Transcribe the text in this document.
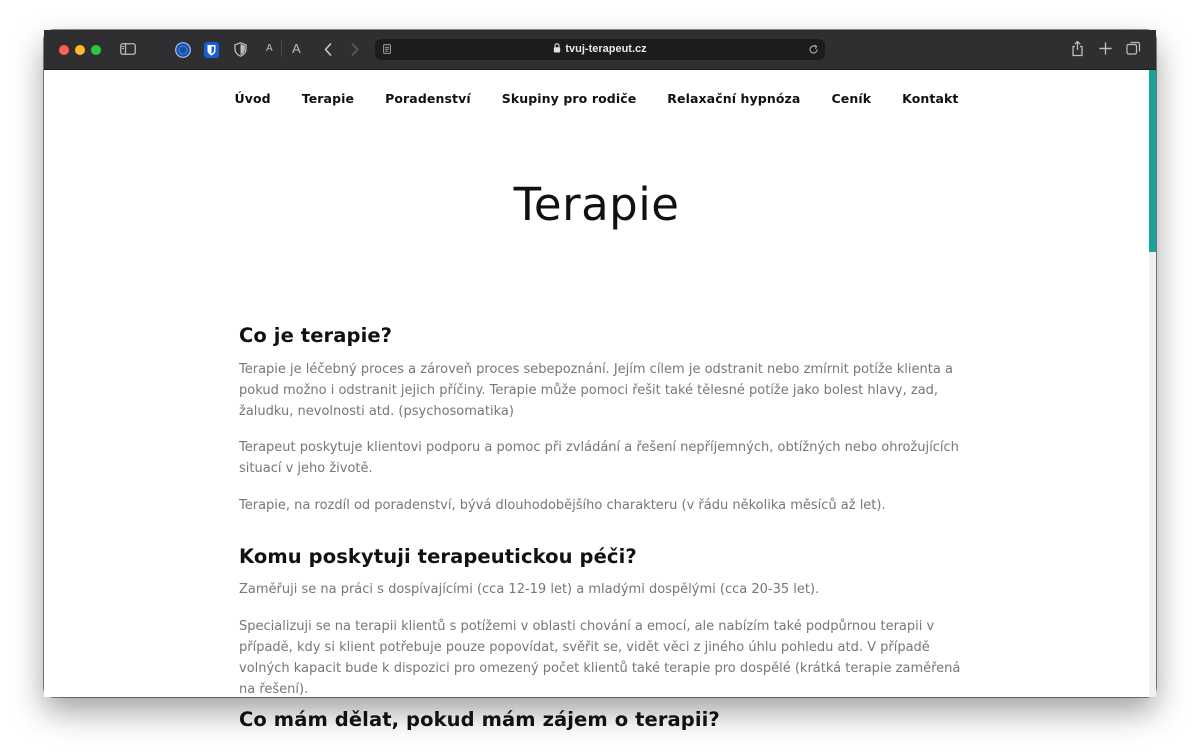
A A	tvuj-terapeut.cz
Úvod Terapie Poradenství Skupiny pro rodiče Relaxační hypnóza Ceník Kontakt
Terapie
Co je terapie?

Terapie je léčebný proces a zároveň proces sebepoznání. Jejím cílem je odstranit nebo zmírnit potíže klienta a pokud možno i odstranit jejich příčiny. Terapie může pomoci řešit také tělesné potíže jako bolest hlavy, zad, žaludku, nevolnosti atd. (psychosomatika)

Terapeut poskytuje klientovi podporu a pomoc při zvládání a řešení nepříjemných, obtížných nebo ohrožujících situací v jeho životě.

Terapie, na rozdíl od poradenství, bývá dlouhodobějšího charakteru (v řádu několika měsíců až let).

Komu poskytuji terapeutickou péči?

Zaměřuji se na práci s dospívajícími (cca 12-19 let) a mladými dospělými (cca 20-35 let).

Specializuji se na terapii klientů s potížemi v oblasti chování a emocí, ale nabízím také podpůrnou terapii v případě, kdy si klient potřebuje pouze popovídat, svěřit se, vidět věci z jiného úhlu pohledu atd. V případě volných kapacit bude k dispozici pro omezený počet klientů také terapie pro dospělé (krátká terapie zaměřená na řešení).

Co mám dělat, pokud mám zájem o terapii?
